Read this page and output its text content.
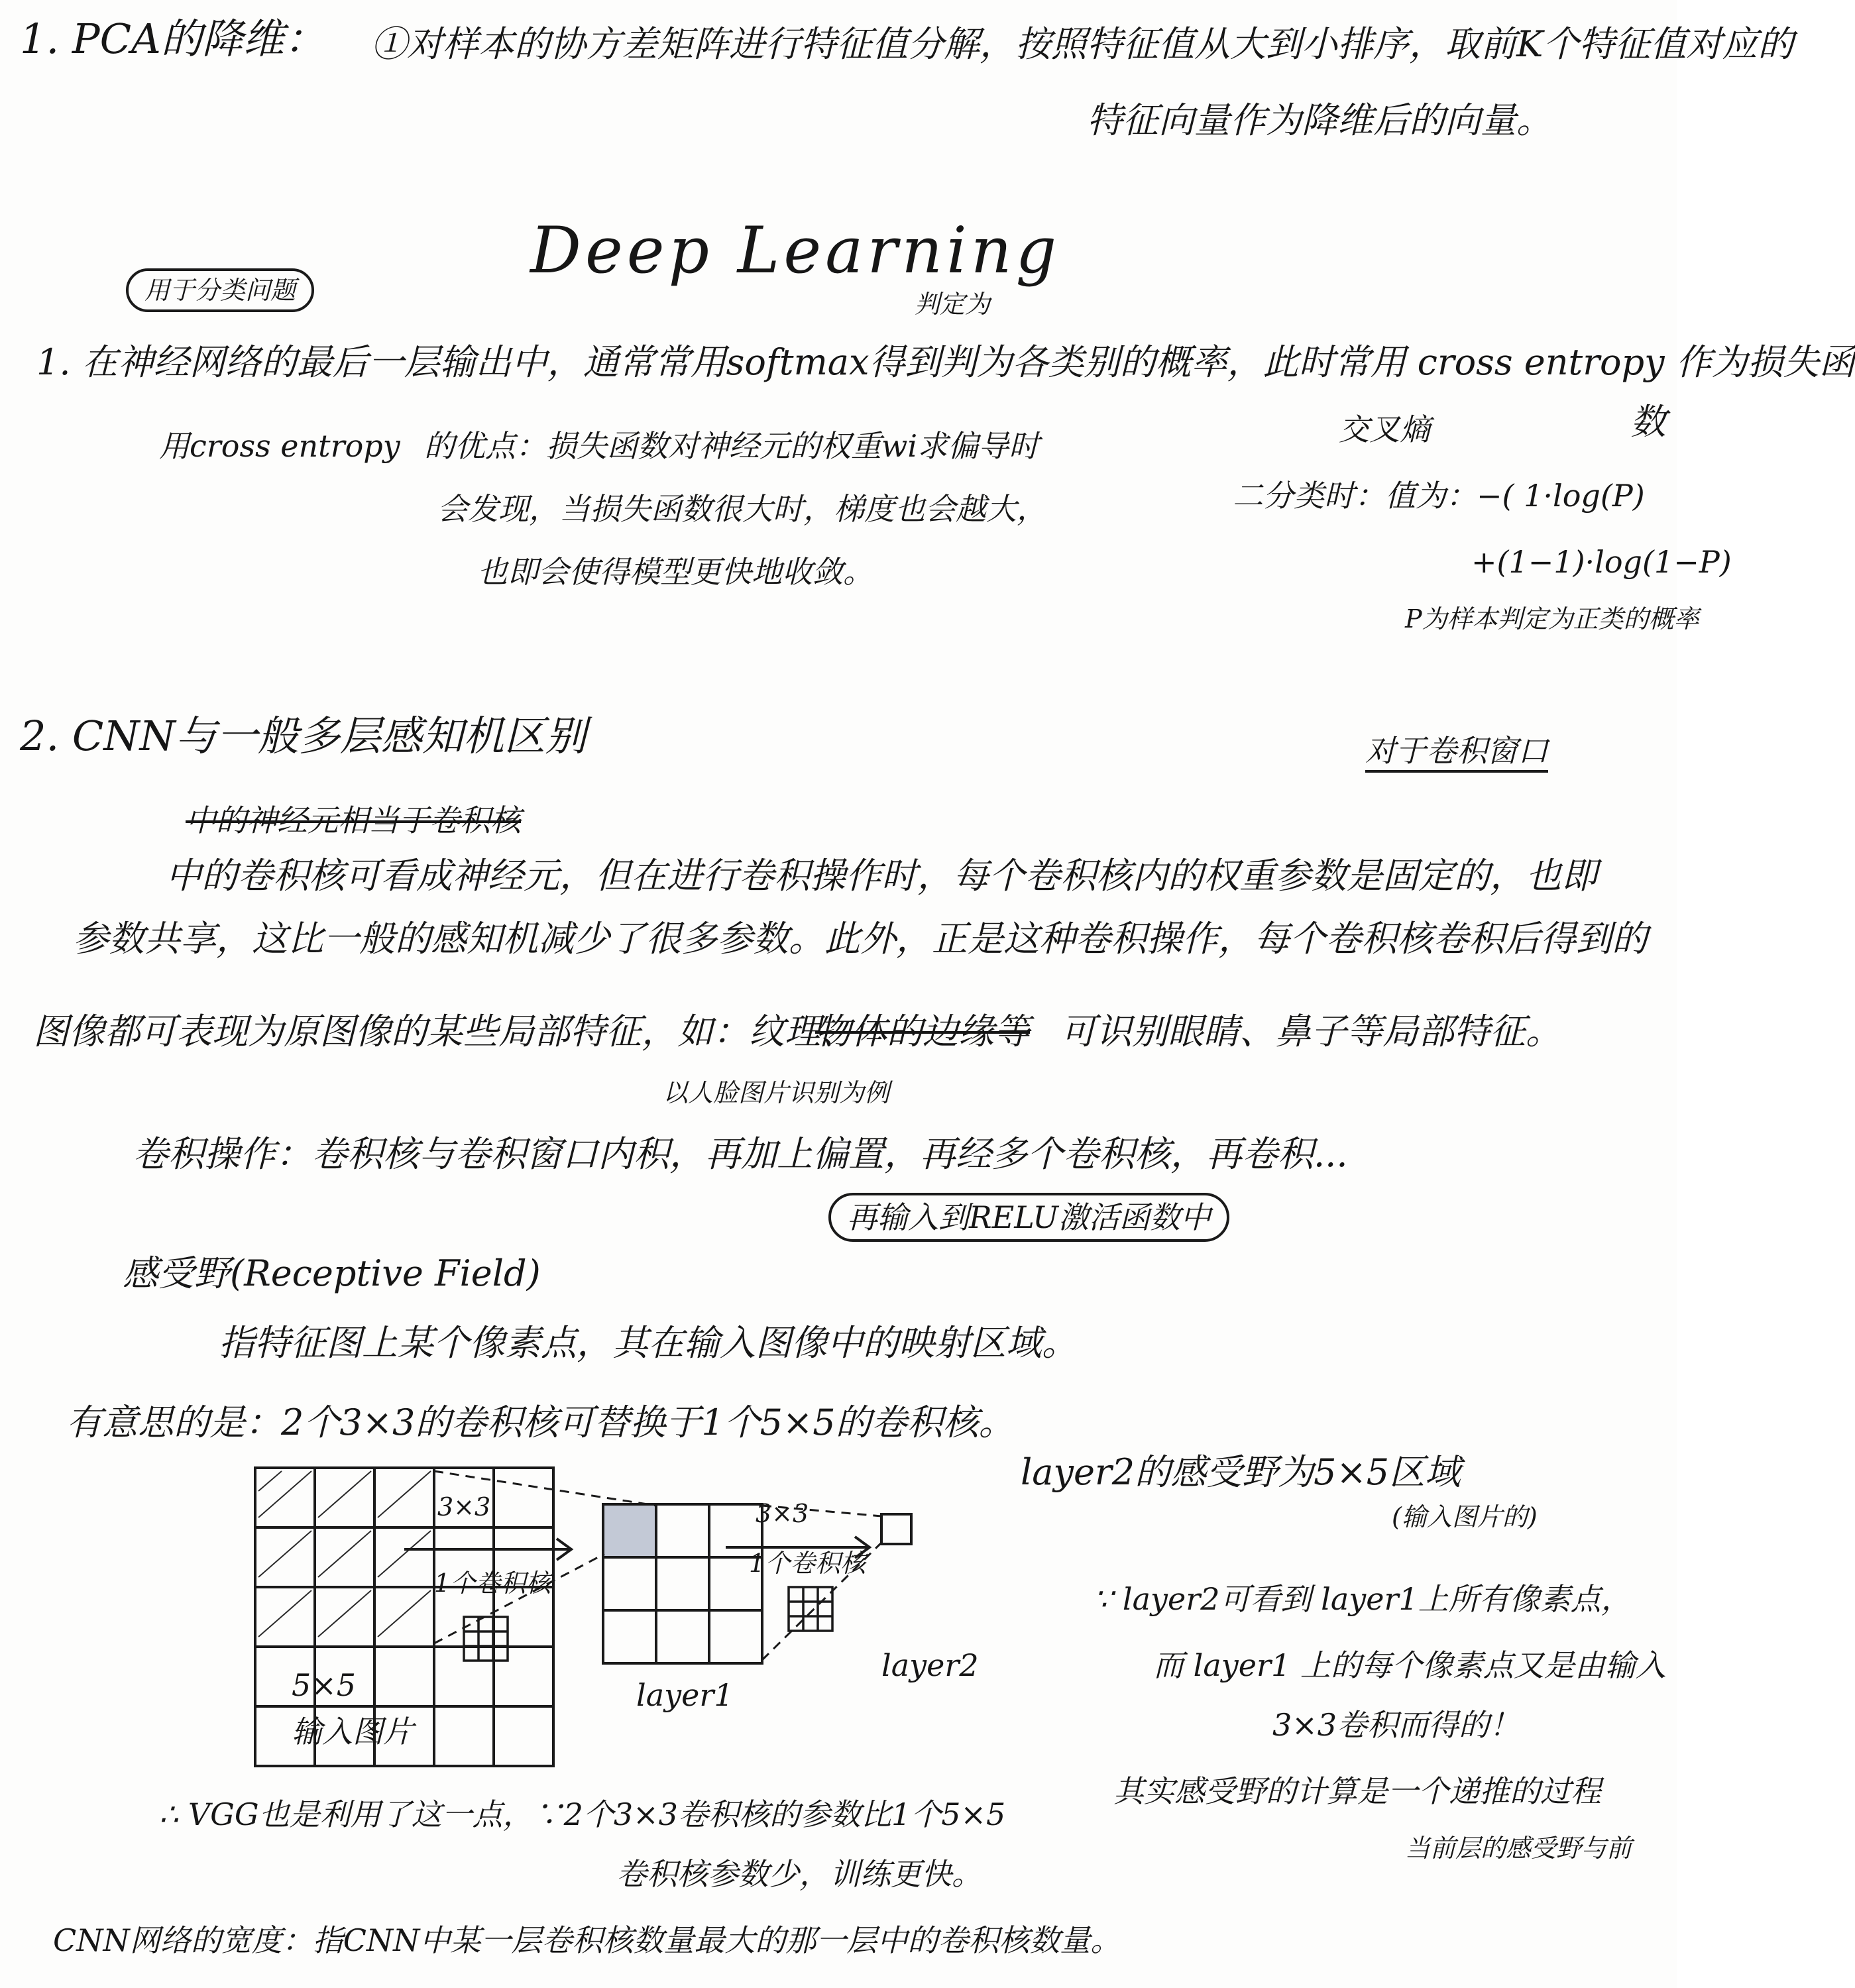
1. PCA的降维： ①对样本的协方差矩阵进行特征值分解，按照特征值从大到小排序，取前K个特征值对应的
特征向量作为降维后的向量。
Deep Learning
用于分类问题	判定为
1. 在神经网络的最后一层输出中，通常常用softmax得到判为各类别的概率，此时常用 cross entropy 作为损失函
数
用cross entropy 的优点：损失函数对神经元的权重wi求偏导时
会发现，当损失函数很大时，梯度也会越大，
也即会使得模型更快地收敛。
交叉熵
二分类时：值为：−( 1·log(P)
+(1−1)·log(1−P)
P为样本判定为正类的概率
2. CNN与一般多层感知机区别	对于卷积窗口
中的神经元相当于卷积核
中的卷积核可看成神经元，但在进行卷积操作时，每个卷积核内的权重参数是固定的，也即
参数共享，这比一般的感知机减少了很多参数。此外，正是这种卷积操作，每个卷积核卷积后得到的
图像都可表现为原图像的某些局部特征，如：纹理、
物体的边缘等 可识别眼睛、鼻子等局部特征。
以人脸图片识别为例
卷积操作：卷积核与卷积窗口内积，再加上偏置，再经多个卷积核，再卷积...
再输入到RELU激活函数中
感受野(Receptive Field)
指特征图上某个像素点，其在输入图像中的映射区域。
有意思的是：2个3×3的卷积核可替换于1个5×5的卷积核。
3×3
1个卷积核
3×3
1个卷积核
5×5
输入图片
layer1
layer2
layer2的感受野为5×5区域
(输入图片的)
∵ layer2可看到 layer1上所有像素点，
而 layer1 上的每个像素点又是由输入
3×3卷积而得的！
其实感受野的计算是一个递推的过程
当前层的感受野与前
∴ VGG也是利用了这一点，∵2个3×3卷积核的参数比1个5×5
卷积核参数少，训练更快。
CNN网络的宽度：指CNN中某一层卷积核数量最大的那一层中的卷积核数量。
